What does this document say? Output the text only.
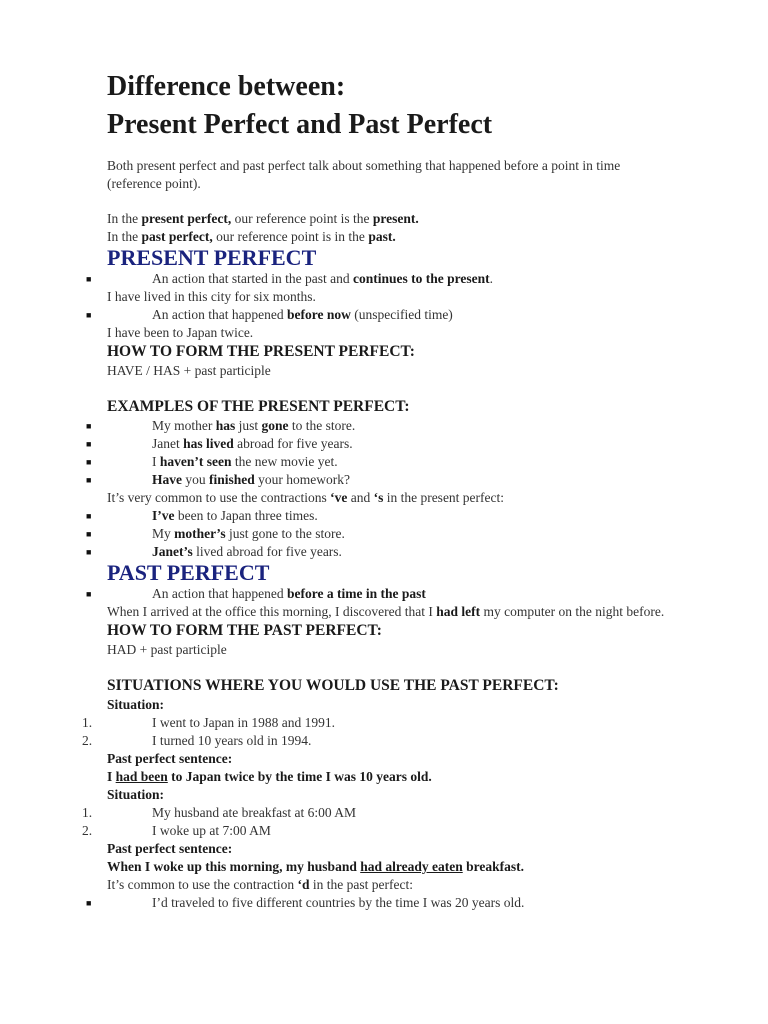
Difference between:
Present Perfect and Past Perfect

Both present perfect and past perfect talk about something that happened before a point in time (reference point).

In the present perfect, our reference point is the present.

In the past perfect, our reference point is in the past.

PRESENT PERFECT

■	An action that started in the past and continues to the present.

I have lived in this city for six months.

■	An action that happened before now (unspecified time)

I have been to Japan twice.

HOW TO FORM THE PRESENT PERFECT:

HAVE / HAS + past participle

EXAMPLES OF THE PRESENT PERFECT:

■	My mother has just gone to the store.

■	Janet has lived abroad for five years.

■	I haven’t seen the new movie yet.

■	Have you finished your homework?

It’s very common to use the contractions ‘ve and ‘s in the present perfect:

■	I’ve been to Japan three times.

■	My mother’s just gone to the store.

■	Janet’s lived abroad for five years.

PAST PERFECT

■	An action that happened before a time in the past

When I arrived at the office this morning, I discovered that I had left my computer on the night before.

HOW TO FORM THE PAST PERFECT:

HAD + past participle

SITUATIONS WHERE YOU WOULD USE THE PAST PERFECT:

Situation:

1.	I went to Japan in 1988 and 1991.

2.	I turned 10 years old in 1994.

Past perfect sentence:

I had been to Japan twice by the time I was 10 years old.

Situation:

1.	My husband ate breakfast at 6:00 AM

2.	I woke up at 7:00 AM

Past perfect sentence:

When I woke up this morning, my husband had already eaten breakfast.

It’s common to use the contraction ‘d in the past perfect:

■	I’d traveled to five different countries by the time I was 20 years old.
